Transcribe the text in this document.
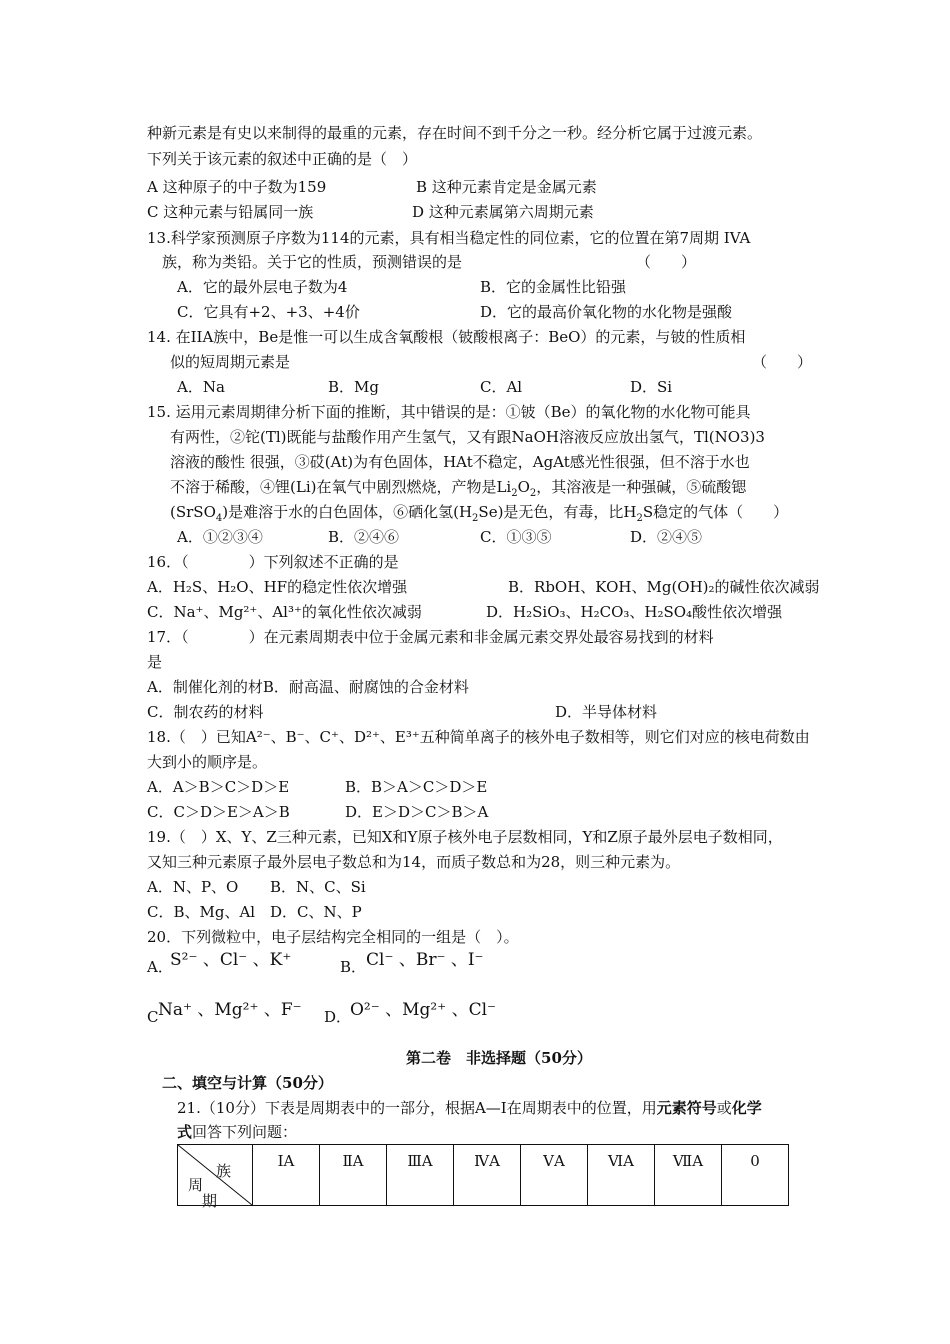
种新元素是有史以来制得的最重的元素，存在时间不到千分之一秒。经分析它属于过渡元素。
下列关于该元素的叙述中正确的是（　）
A 这种原子的中子数为159	B 这种元素肯定是金属元素
C 这种元素与铅属同一族	D 这种元素属第六周期元素
13.科学家预测原子序数为114的元素，具有相当稳定性的同位素，它的位置在第7周期 IVA
族，称为类铅。关于它的性质，预测错误的是	（　　）
A．它的最外层电子数为4	B．它的金属性比铅强
C．它具有+2、+3、+4价	D．它的最高价氧化物的水化物是强酸
14. 在IIA族中，Be是惟一可以生成含氧酸根（铍酸根离子：BeO）的元素，与铍的性质相
似的短周期元素是	（　　）
A．Na	B．Mg	C．Al	D．Si
15. 运用元素周期律分析下面的推断，其中错误的是：①铍（Be）的氧化物的水化物可能具
有两性，②铊(Tl)既能与盐酸作用产生氢气，又有跟NaOH溶液反应放出氢气，Tl(NO3)3
溶液的酸性 很强，③砹(At)为有色固体，HAt不稳定，AgAt感光性很强，但不溶于水也
不溶于稀酸，④锂(Li)在氧气中剧烈燃烧，产物是$Li_2O_2$，其溶液是一种强碱，⑤硫酸锶
(SrSO$_4$)是难溶于水的白色固体，⑥硒化氢$(H_2Se)$是无色，有毒，比$H_2S$稳定的气体（　　）
A．①②③④	B．②④⑥	C．①③⑤	D．②④⑤
16．（　　　　）下列叙述不正确的是
A．H₂S、H₂O、HF的稳定性依次增强	B．RbOH、KOH、Mg(OH)₂的碱性依次减弱
C．Na⁺、Mg²⁺、Al³⁺的氧化性依次减弱	D．H₂SiO₃、H₂CO₃、H₂SO₄酸性依次增强
17．（　　　　）在元素周期表中位于金属元素和非金属元素交界处最容易找到的材料
是
A．制催化剂的材B．耐高温、耐腐蚀的合金材料
C．制农药的材料	D．半导体材料
18.（　）已知A²⁻、B⁻、C⁺、D²⁺、E³⁺五种简单离子的核外电子数相等，则它们对应的核电荷数由
大到小的顺序是。
A．A＞B＞C＞D＞E	B．B＞A＞C＞D＞E
C．C＞D＞E＞A＞B	D．E＞D＞C＞B＞A
19.（　）X、Y、Z三种元素，已知X和Y原子核外电子层数相同，Y和Z原子最外层电子数相同，
又知三种元素原子最外层电子数总和为14，而质子数总和为28，则三种元素为。
A．N、P、O B．N、C、Si
C．B、Mg、Al D．C、N、P
20．下列微粒中，电子层结构完全相同的一组是（　）。
A．
S²⁻ 、Cl⁻ 、K⁺	B． Cl⁻ 、Br⁻ 、I⁻
C Na⁺ 、Mg²⁺ 、F⁻ D．
O²⁻ 、Mg²⁺ 、Cl⁻
第二卷　非选择题（50分）
二、填空与计算（50分）
21.（10分）下表是周期表中的一部分，根据A—I在周期表中的位置，用元素符号或化学
式回答下列问题：
族
周
期
	ⅠA	ⅡA	ⅢA	ⅣA	ⅤA	ⅥA	ⅦA	0
